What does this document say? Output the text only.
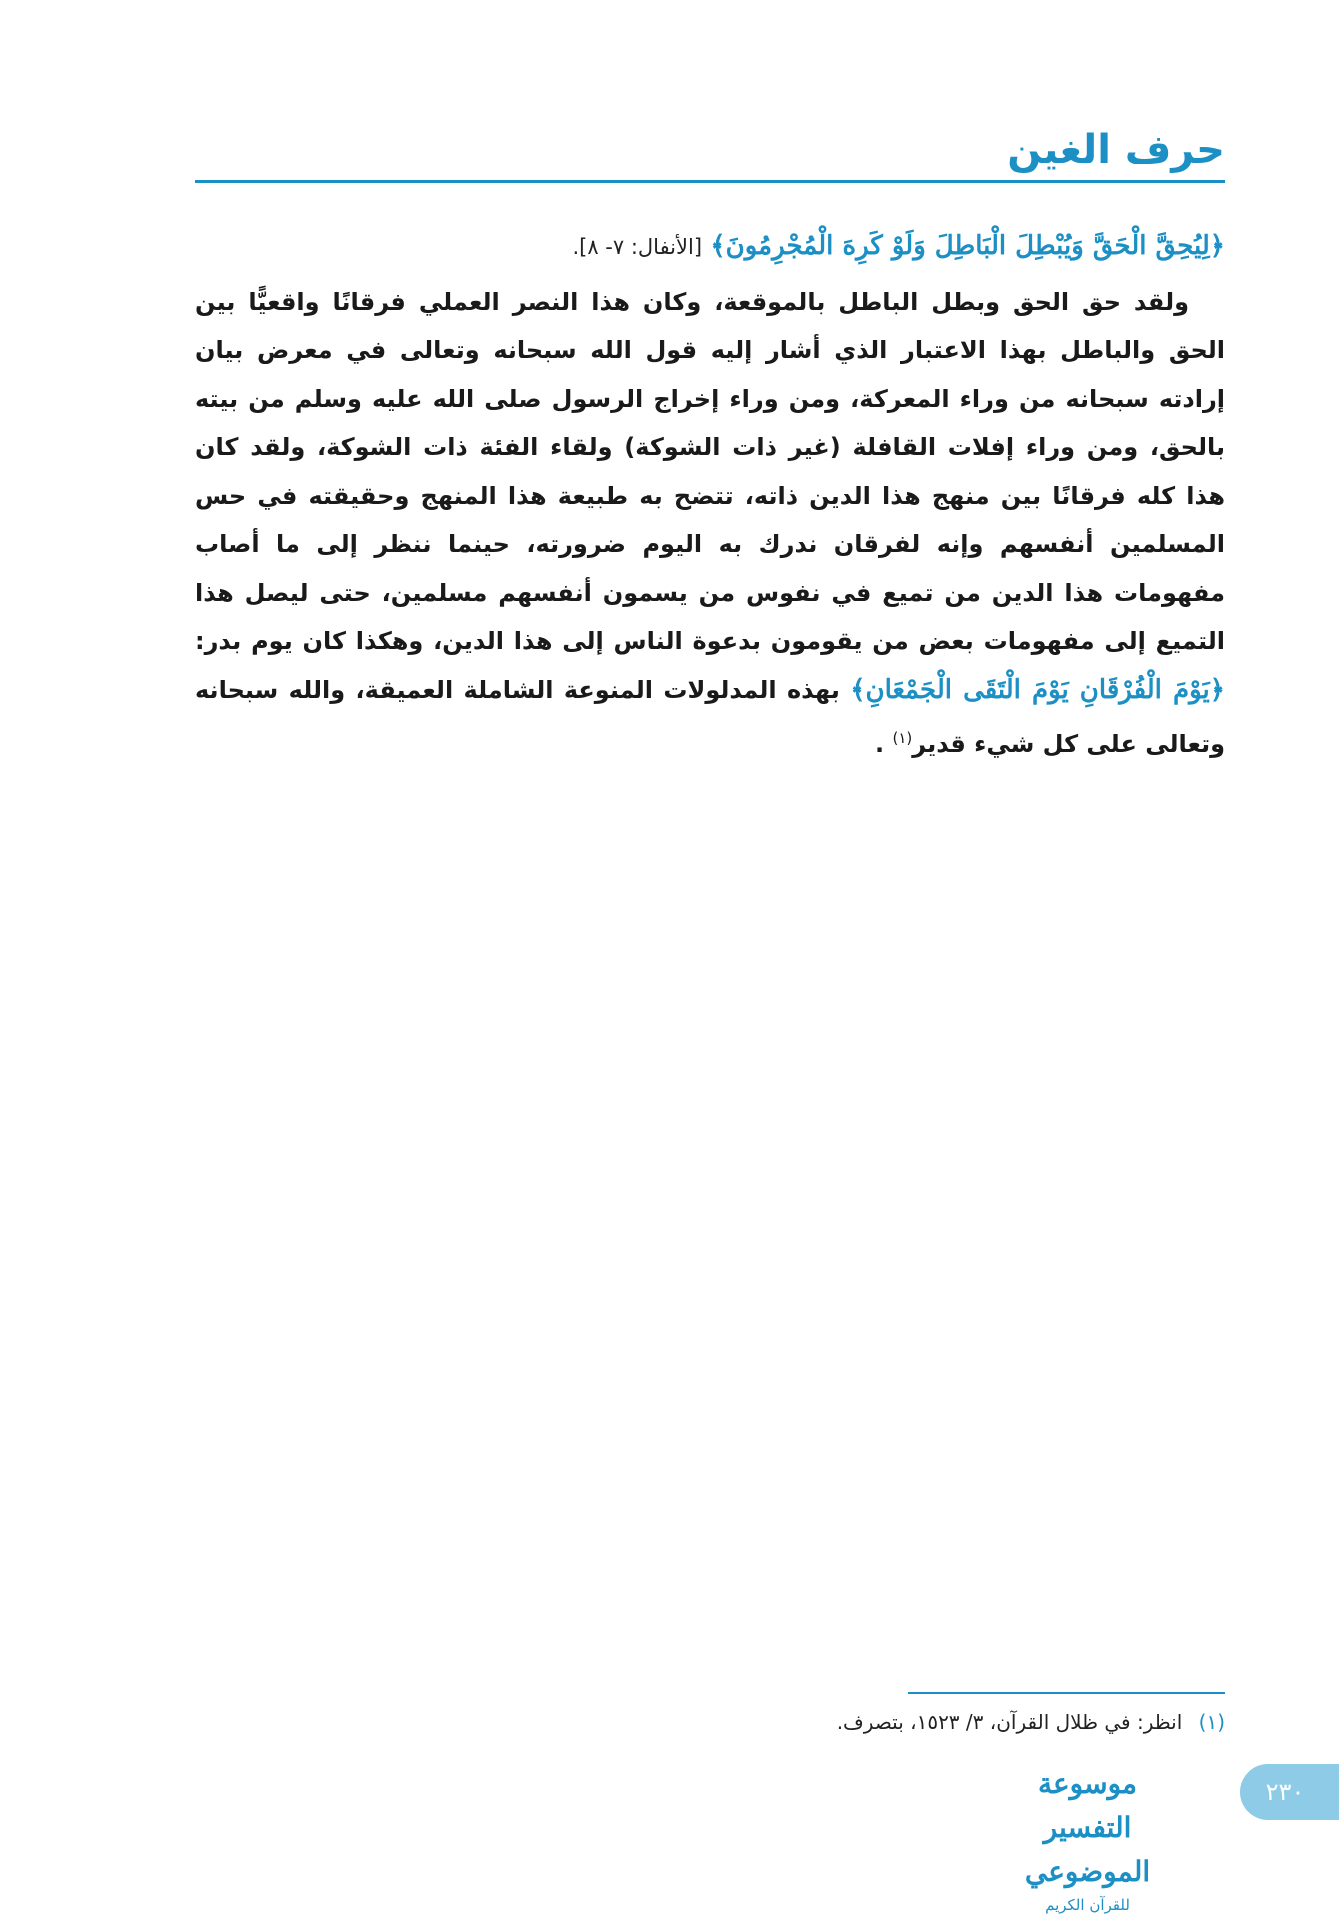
حرف الغين

﴿لِيُحِقَّ الْحَقَّ وَيُبْطِلَ الْبَاطِلَ وَلَوْ كَرِهَ الْمُجْرِمُونَ﴾ [الأنفال: ٧- ٨].

ولقد حق الحق وبطل الباطل بالموقعة، وكان هذا النصر العملي فرقانًا واقعيًّا بين الحق والباطل بهذا الاعتبار الذي أشار إليه قول الله سبحانه وتعالى في معرض بيان إرادته سبحانه من وراء المعركة، ومن وراء إخراج الرسول صلى الله عليه وسلم من بيته بالحق، ومن وراء إفلات القافلة (غير ذات الشوكة) ولقاء الفئة ذات الشوكة، ولقد كان هذا كله فرقانًا بين منهج هذا الدين ذاته، تتضح به طبيعة هذا المنهج وحقيقته في حس المسلمين أنفسهم وإنه لفرقان ندرك به اليوم ضرورته، حينما ننظر إلى ما أصاب مفهومات هذا الدين من تميع في نفوس من يسمون أنفسهم مسلمين، حتى ليصل هذا التميع إلى مفهومات بعض من يقومون بدعوة الناس إلى هذا الدين، وهكذا كان يوم بدر: ﴿يَوْمَ الْفُرْقَانِ يَوْمَ الْتَقَى الْجَمْعَانِ﴾ بهذه المدلولات المنوعة الشاملة العميقة، والله سبحانه وتعالى على كل شيء قدير$^{(١)}$ .

(١) انظر: في ظلال القرآن، ٣/ ١٥٢٣، بتصرف.
موسوعة التفسير الموضوعي
للقرآن الكريم
٢٣٠
